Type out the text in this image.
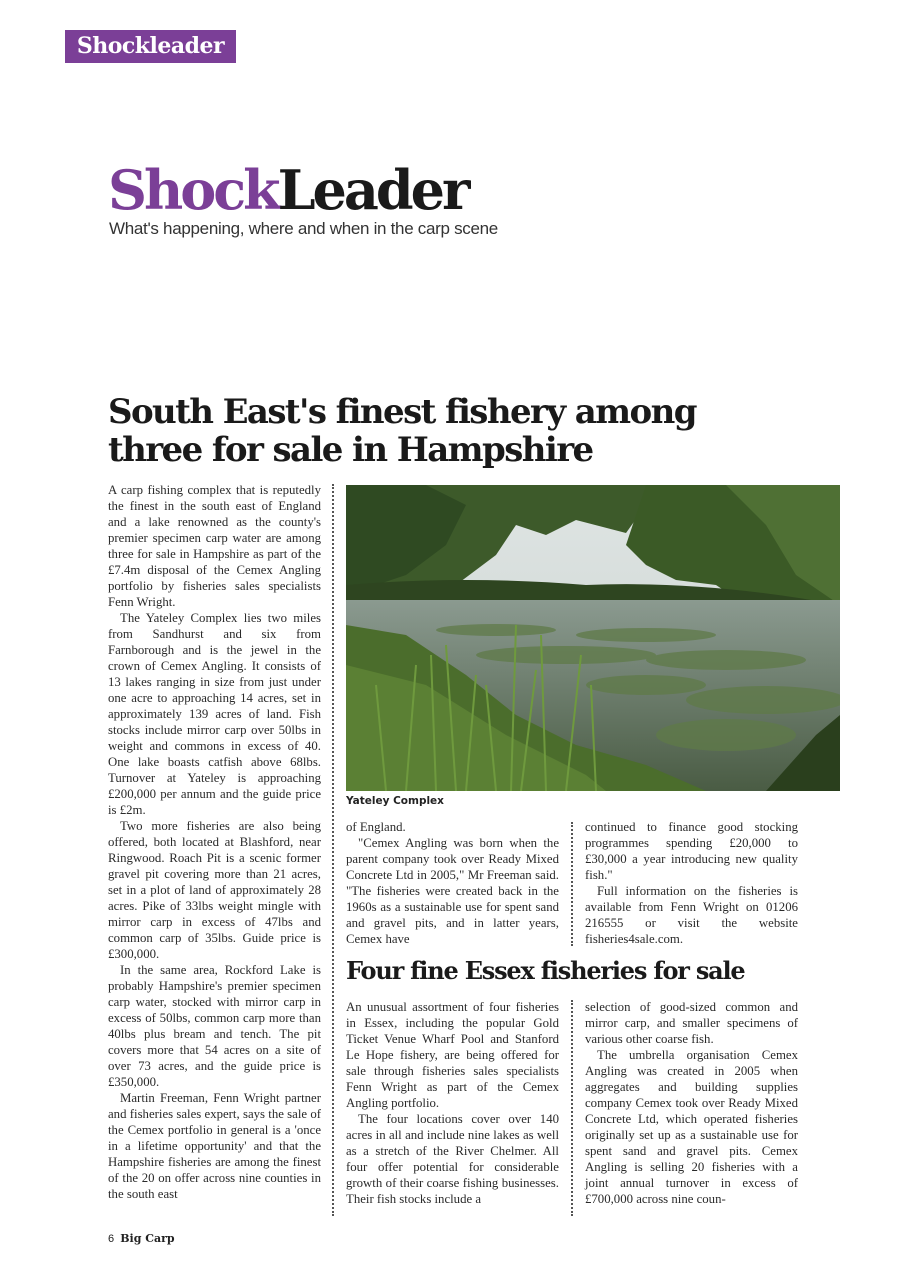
Shockleader
ShockLeader
What's happening, where and when in the carp scene
South East's finest fishery among three for sale in Hampshire

A carp fishing complex that is reputedly the finest in the south east of England and a lake renowned as the county's premier specimen carp water are among three for sale in Hampshire as part of the £7.4m disposal of the Cemex Angling portfolio by fisheries sales specialists Fenn Wright.

The Yateley Complex lies two miles from Sandhurst and six from Farnborough and is the jewel in the crown of Cemex Angling. It consists of 13 lakes ranging in size from just under one acre to approaching 14 acres, set in approximately 139 acres of land. Fish stocks include mirror carp over 50lbs in weight and commons in excess of 40. One lake boasts catfish above 68lbs. Turnover at Yateley is approaching £200,000 per annum and the guide price is £2m.

Two more fisheries are also being offered, both located at Blashford, near Ringwood. Roach Pit is a scenic former gravel pit covering more than 21 acres, set in a plot of land of approximately 28 acres. Pike of 33lbs weight mingle with mirror carp in excess of 47lbs and common carp of 35lbs. Guide price is £300,000.

In the same area, Rockford Lake is probably Hampshire's premier specimen carp water, stocked with mirror carp in excess of 50lbs, common carp more than 40lbs plus bream and tench. The pit covers more that 54 acres on a site of over 73 acres, and the guide price is £350,000.

Martin Freeman, Fenn Wright partner and fisheries sales expert, says the sale of the Cemex portfolio in general is a 'once in a lifetime opportunity' and that the Hampshire fisheries are among the finest of the 20 on offer across nine counties in the south east

Yateley Complex

of England.

"Cemex Angling was born when the parent company took over Ready Mixed Concrete Ltd in 2005," Mr Freeman said. "The fisheries were created back in the 1960s as a sustainable use for spent sand and gravel pits, and in latter years, Cemex have

continued to finance good stocking programmes spending £20,000 to £30,000 a year introducing new quality fish."

Full information on the fisheries is available from Fenn Wright on 01206 216555 or visit the website fisheries4sale.com.

Four fine Essex fisheries for sale

An unusual assortment of four fisheries in Essex, including the popular Gold Ticket Venue Wharf Pool and Stanford Le Hope fishery, are being offered for sale through fisheries sales specialists Fenn Wright as part of the Cemex Angling portfolio.

The four locations cover over 140 acres in all and include nine lakes as well as a stretch of the River Chelmer. All four offer potential for considerable growth of their coarse fishing businesses. Their fish stocks include a

selection of good-sized common and mirror carp, and smaller specimens of various other coarse fish.

The umbrella organisation Cemex Angling was created in 2005 when aggregates and building supplies company Cemex took over Ready Mixed Concrete Ltd, which operated fisheries originally set up as a sustainable use for spent sand and gravel pits. Cemex Angling is selling 20 fisheries with a joint annual turnover in excess of £700,000 across nine coun-

6 Big Carp
